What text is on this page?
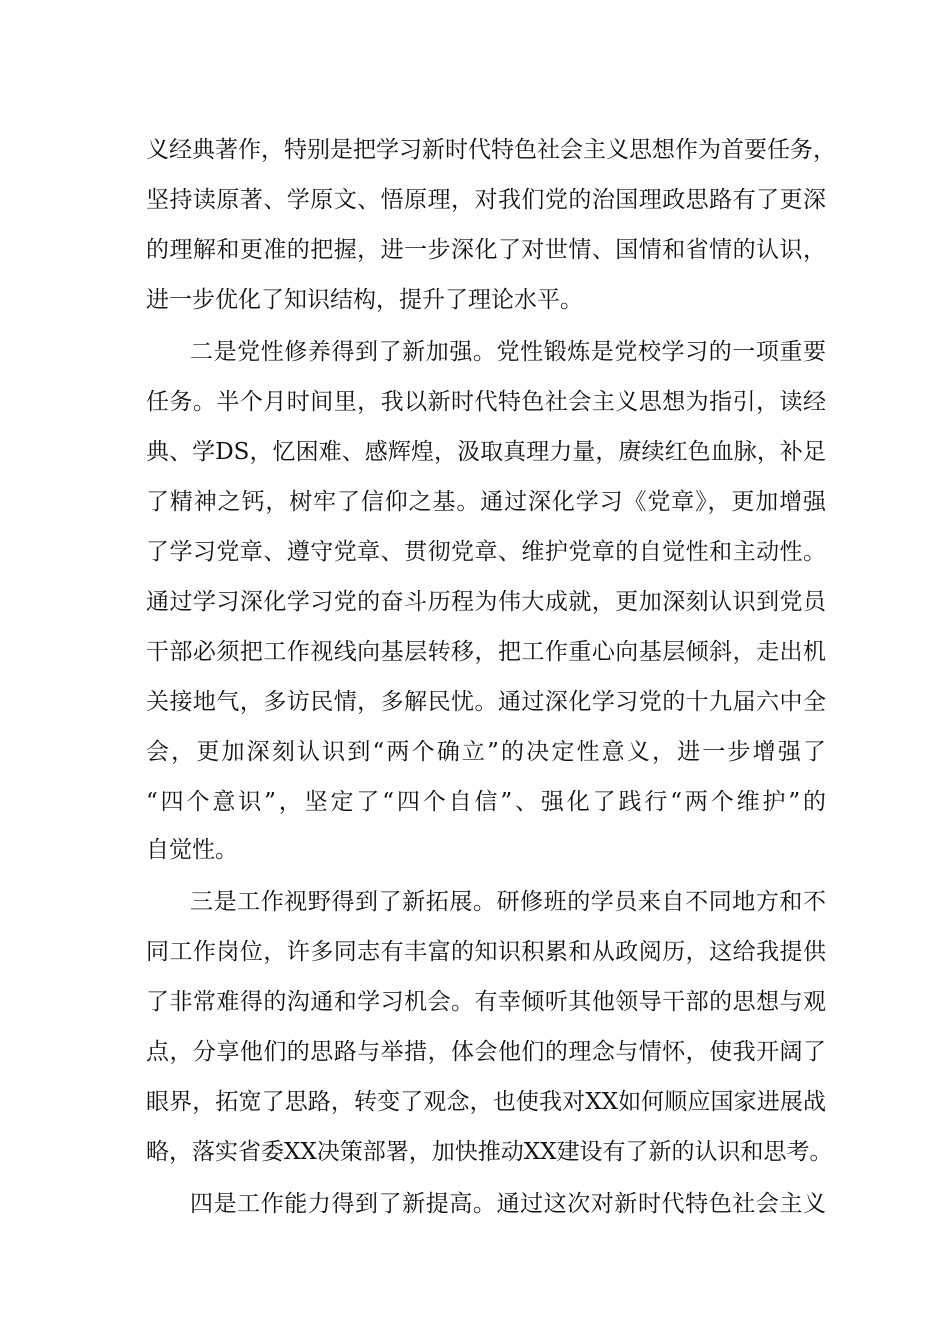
义经典著作，特别是把学习新时代特色社会主义思想作为首要任务，
坚持读原著、学原文、悟原理，对我们党的治国理政思路有了更深
的理解和更准的把握，进一步深化了对世情、国情和省情的认识，
进一步优化了知识结构，提升了理论水平。
二是党性修养得到了新加强。党性锻炼是党校学习的一项重要
任务。半个月时间里，我以新时代特色社会主义思想为指引，读经
典、学DS，忆困难、感辉煌，汲取真理力量，赓续红色血脉，补足
了精神之钙，树牢了信仰之基。通过深化学习《党章》，更加增强
了学习党章、遵守党章、贯彻党章、维护党章的自觉性和主动性。
通过学习深化学习党的奋斗历程为伟大成就，更加深刻认识到党员
干部必须把工作视线向基层转移，把工作重心向基层倾斜，走出机
关接地气，多访民情，多解民忧。通过深化学习党的十九届六中全
会，更加深刻认识到“两个确立”的决定性意义，进一步增强了
“四个意识”，坚定了“四个自信”、强化了践行“两个维护”的
自觉性。
三是工作视野得到了新拓展。研修班的学员来自不同地方和不
同工作岗位，许多同志有丰富的知识积累和从政阅历，这给我提供
了非常难得的沟通和学习机会。有幸倾听其他领导干部的思想与观
点，分享他们的思路与举措，体会他们的理念与情怀，使我开阔了
眼界，拓宽了思路，转变了观念，也使我对XX如何顺应国家进展战
略，落实省委XX决策部署，加快推动XX建设有了新的认识和思考。
四是工作能力得到了新提高。通过这次对新时代特色社会主义
